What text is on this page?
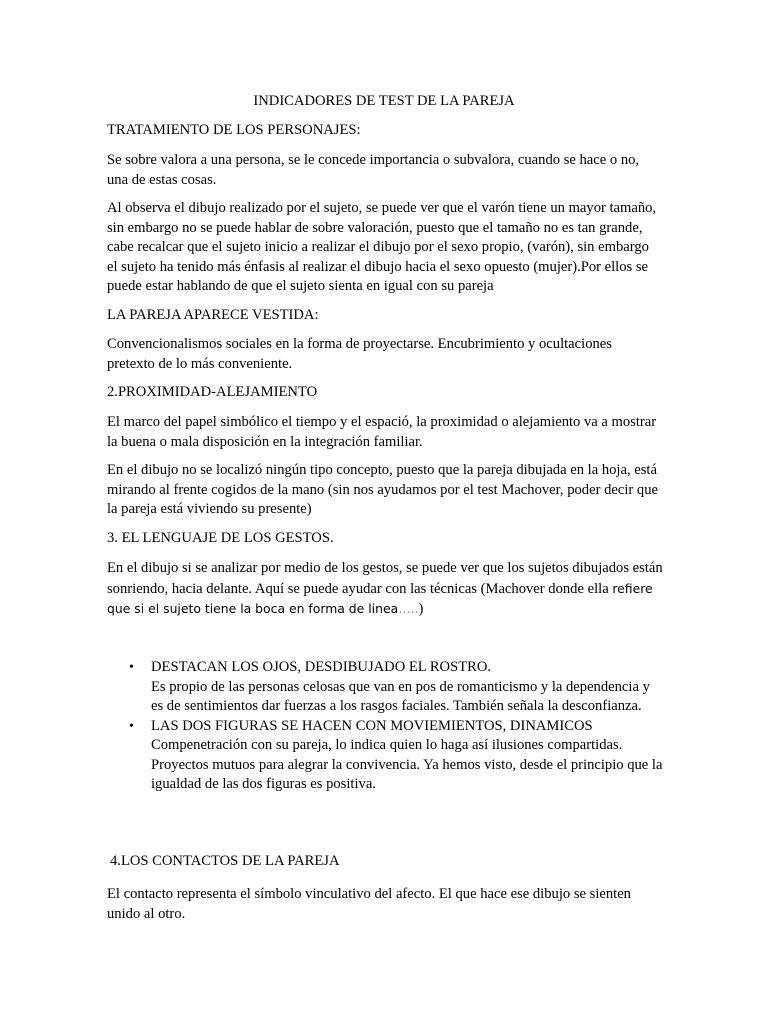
INDICADORES DE TEST DE LA PAREJA

TRATAMIENTO DE LOS PERSONAJES:

Se sobre valora a una persona, se le concede importancia o subvalora, cuando se hace o no, una de estas cosas.

Al observa el dibujo realizado por el sujeto, se puede ver que el varón tiene un mayor tamaño, sin embargo no se puede hablar de sobre valoración, puesto que el tamaño no es tan grande, cabe recalcar que el sujeto inicio a realizar el dibujo por el sexo propio, (varón), sin embargo el sujeto ha tenido más énfasis al realizar el dibujo hacia el sexo opuesto (mujer).Por ellos se puede estar hablando de que el sujeto sienta en igual con su pareja

LA PAREJA APARECE VESTIDA:

Convencionalismos sociales en la forma de proyectarse. Encubrimiento y ocultaciones pretexto de lo más conveniente.

2.PROXIMIDAD-ALEJAMIENTO

El marco del papel simbólico el tiempo y el espació, la proximidad o alejamiento va a mostrar la buena o mala disposición en la integración familiar.

En el dibujo no se localizó ningún tipo concepto, puesto que la pareja dibujada en la hoja, está mirando al frente cogidos de la mano (sin nos ayudamos por el test Machover, poder decir que la pareja está viviendo su presente)

3. EL LENGUAJE DE LOS GESTOS.

En el dibujo si se analizar por medio de los gestos, se puede ver que los sujetos dibujados están sonriendo, hacia delante. Aquí se puede ayudar con las técnicas (Machover donde ella refiere que si el sujeto tiene la boca en forma de linea…..)

• DESTACAN LOS OJOS, DESDIBUJADO EL ROSTRO.
Es propio de las personas celosas que van en pos de romanticismo y la dependencia y es de sentimientos dar fuerzas a los rasgos faciales. También señala la desconfianza.
• LAS DOS FIGURAS SE HACEN CON MOVIEMIENTOS, DINAMICOS
Compenetración con su pareja, lo indica quien lo haga así ilusiones compartidas. Proyectos mutuos para alegrar la convivencia. Ya hemos visto, desde el principio que la igualdad de las dos figuras es positiva.

4.LOS CONTACTOS DE LA PAREJA

El contacto representa el símbolo vinculativo del afecto. El que hace ese dibujo se sienten unido al otro.
